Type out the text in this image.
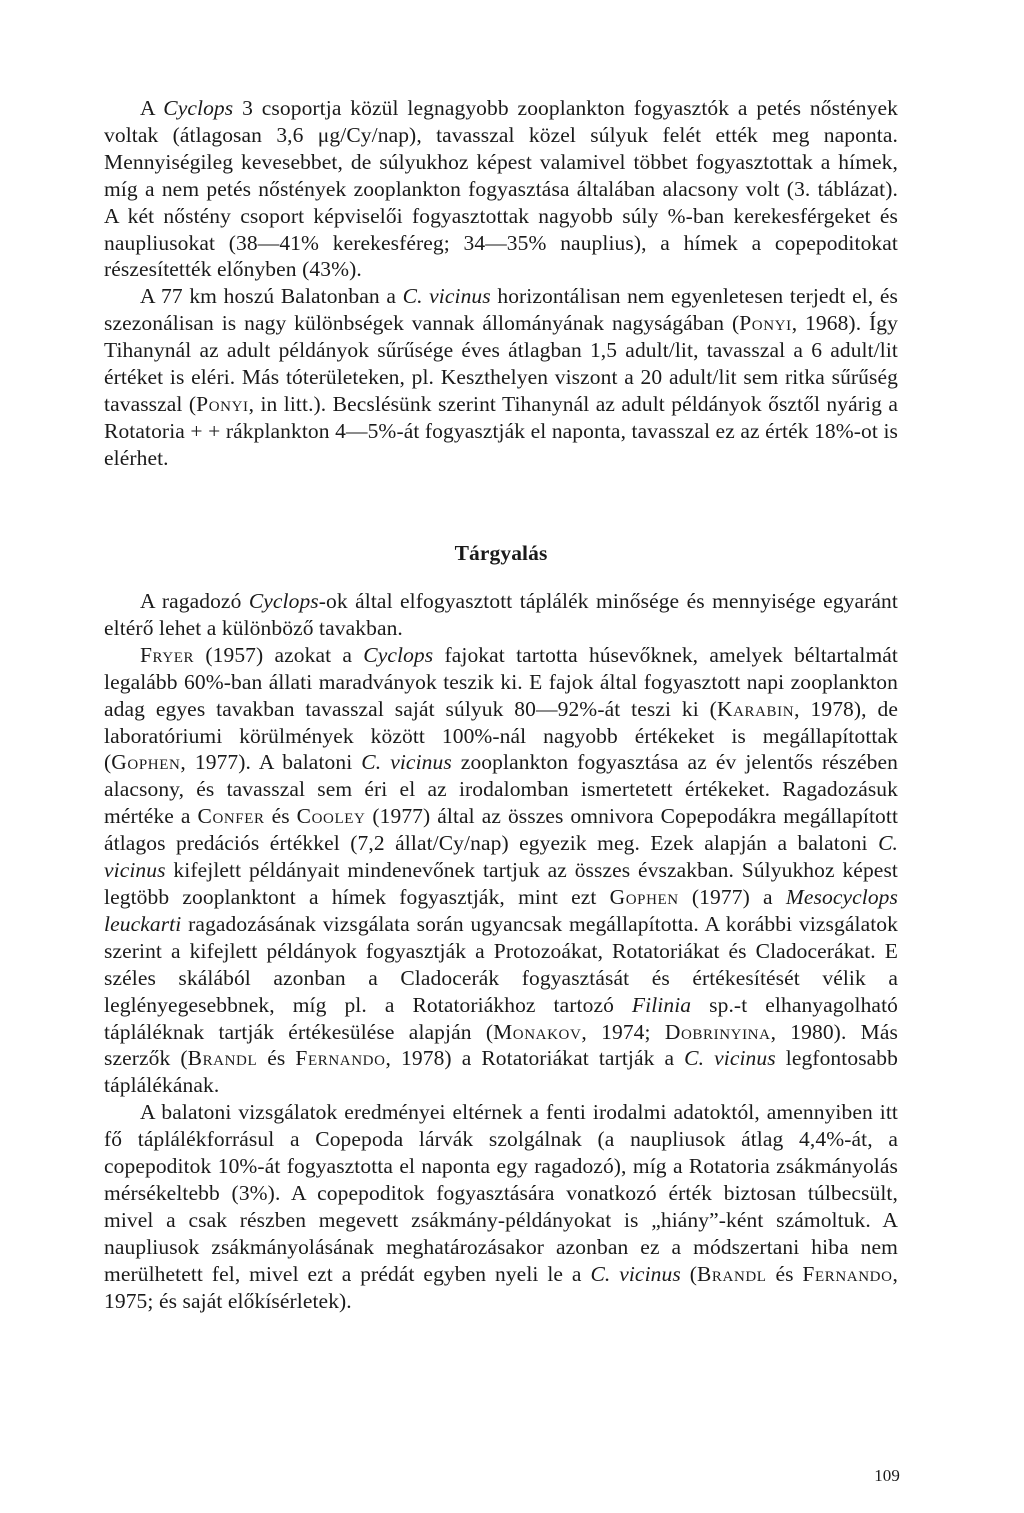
A Cyclops 3 csoportja közül legnagyobb zooplankton fogyasztók a petés nőstények voltak (átlagosan 3,6 μg/Cy/nap), tavasszal közel súlyuk felét ették meg naponta. Mennyiségileg kevesebbet, de súlyukhoz képest valamivel többet fogyasztottak a hímek, míg a nem petés nőstények zooplankton fogyasztása általában alacsony volt (3. táblázat). A két nőstény csoport képviselői fogyasztottak nagyobb súly %-ban kerekesférgeket és naupliusokat (38—41% kerekesféreg; 34—35% nauplius), a hímek a copepoditokat részesítették előnyben (43%).

A 77 km hoszú Balatonban a C. vicinus horizontálisan nem egyenletesen terjedt el, és szezonálisan is nagy különbségek vannak állományának nagyságában (Ponyi, 1968). Így Tihanynál az adult példányok sűrűsége éves átlagban 1,5 adult/lit, tavasszal a 6 adult/lit értéket is eléri. Más tóterületeken, pl. Keszthelyen viszont a 20 adult/lit sem ritka sűrűség tavasszal (Ponyi, in litt.). Becslésünk szerint Tihanynál az adult példányok ősztől nyárig a Rotatoria + + rákplankton 4—5%-át fogyasztják el naponta, tavasszal ez az érték 18%-ot is elérhet.

Tárgyalás

A ragadozó Cyclops-ok által elfogyasztott táplálék minősége és mennyisége egyaránt eltérő lehet a különböző tavakban.

Fryer (1957) azokat a Cyclops fajokat tartotta húsevőknek, amelyek béltartalmát legalább 60%-ban állati maradványok teszik ki. E fajok által fogyasztott napi zooplankton adag egyes tavakban tavasszal saját súlyuk 80—92%-át teszi ki (Karabin, 1978), de laboratóriumi körülmények között 100%-nál nagyobb értékeket is megállapítottak (Gophen, 1977). A balatoni C. vicinus zooplankton fogyasztása az év jelentős részében alacsony, és tavasszal sem éri el az irodalomban ismertetett értékeket. Ragadozásuk mértéke a Confer és Cooley (1977) által az összes omnivora Copepodákra megállapított átlagos predációs értékkel (7,2 állat/Cy/nap) egyezik meg. Ezek alapján a balatoni C. vicinus kifejlett példányait mindenevőnek tartjuk az összes évszakban. Súlyukhoz képest legtöbb zooplanktont a hímek fogyasztják, mint ezt Gophen (1977) a Mesocyclops leuckarti ragadozásának vizsgálata során ugyancsak megállapította. A korábbi vizsgálatok szerint a kifejlett példányok fogyasztják a Protozoákat, Rotatoriákat és Cladocerákat. E széles skálából azonban a Cladocerák fogyasztását és értékesítését vélik a leglényegesebbnek, míg pl. a Rotatoriákhoz tartozó Filinia sp.-t elhanyagolható tápláléknak tartják értékesülése alapján (Monakov, 1974; Dobrinyina, 1980). Más szerzők (Brandl és Fernando, 1978) a Rotatoriákat tartják a C. vicinus legfontosabb táplálékának.

A balatoni vizsgálatok eredményei eltérnek a fenti irodalmi adatoktól, amennyiben itt fő táplálékforrásul a Copepoda lárvák szolgálnak (a naupliusok átlag 4,4%-át, a copepoditok 10%-át fogyasztotta el naponta egy ragadozó), míg a Rotatoria zsákmányolás mérsékeltebb (3%). A copepoditok fogyasztására vonatkozó érték biztosan túlbecsült, mivel a csak részben megevett zsákmány-példányokat is „hiány”-ként számoltuk. A naupliusok zsákmányolásának meghatározásakor azonban ez a módszertani hiba nem merülhetett fel, mivel ezt a prédát egyben nyeli le a C. vicinus (Brandl és Fernando, 1975; és saját előkísérletek).

109
